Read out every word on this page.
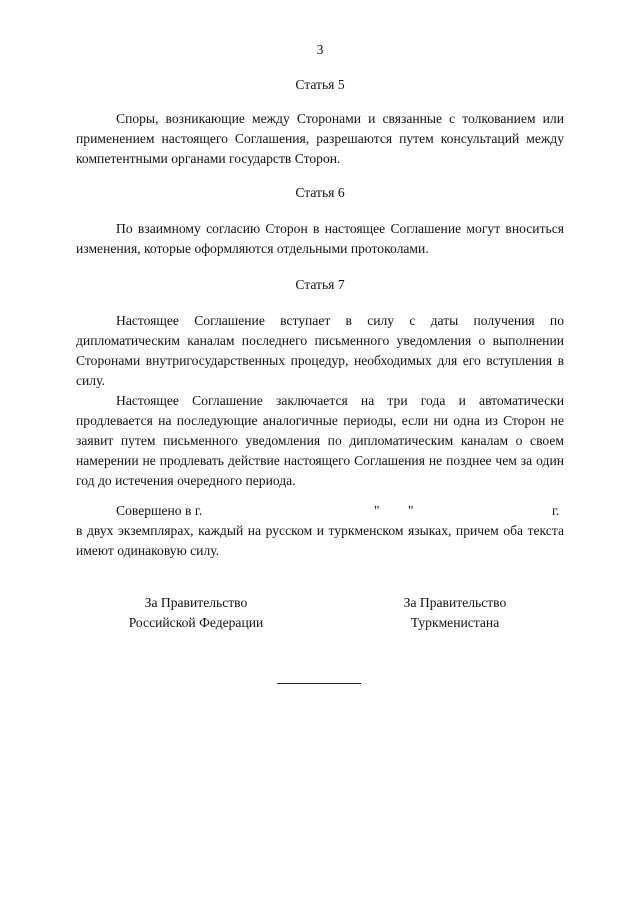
3
Статья 5

Споры, возникающие между Сторонами и связанные с толкованием или применением настоящего Соглашения, разрешаются путем консультаций между компетентными органами государств Сторон.

Статья 6

По взаимному согласию Сторон в настоящее Соглашение могут вноситься изменения, которые оформляются отдельными протоколами.

Статья 7

Настоящее Соглашение вступает в силу с даты получения по дипломатическим каналам последнего письменного уведомления о выполнении Сторонами внутригосударственных процедур, необходимых для его вступления в силу.

Настоящее Соглашение заключается на три года и автоматически продлевается на последующие аналогичные периоды, если ни одна из Сторон не заявит путем письменного уведомления по дипломатическим каналам о своем намерении не продлевать действие настоящего Соглашения не позднее чем за один год до истечения очередного периода.

Совершено в г.	" "	г.

в двух экземплярах, каждый на русском и туркменском языках, причем оба текста имеют одинаковую силу.

За Правительство
Российской Федерации
За Правительство
Туркменистана
